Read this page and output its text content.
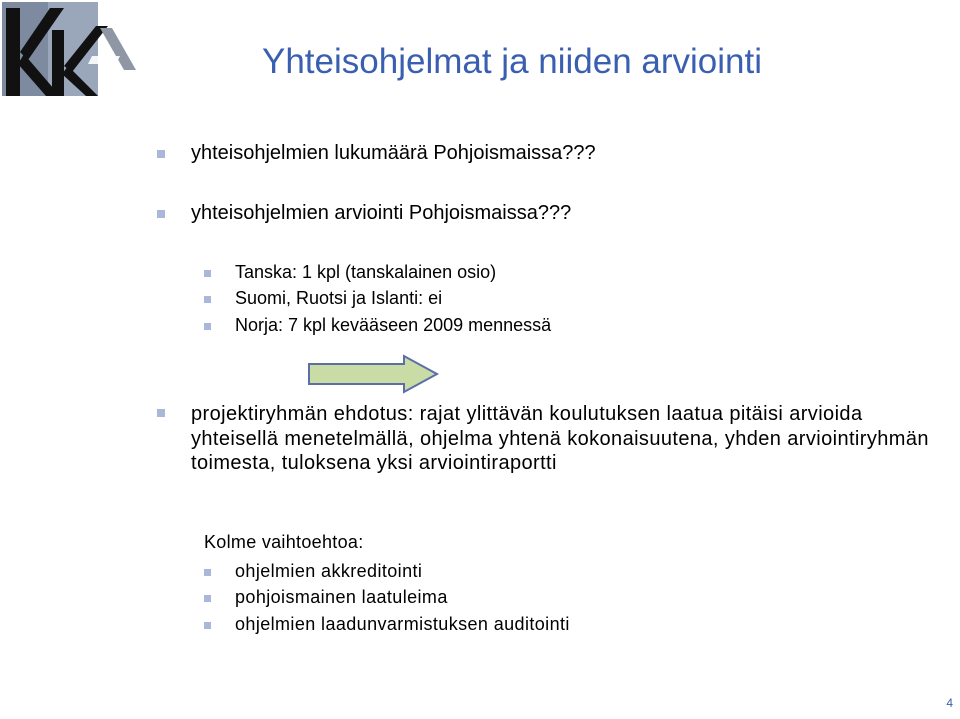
Yhteisohjelmat ja niiden arviointi
yhteisohjelmien lukumäärä Pohjoismaissa???
yhteisohjelmien arviointi Pohjoismaissa???
Tanska: 1 kpl (tanskalainen osio)
Suomi, Ruotsi ja Islanti: ei
Norja: 7 kpl kevääseen 2009 mennessä
projektiryhmän ehdotus: rajat ylittävän koulutuksen laatua pitäisi arvioida yhteisellä menetelmällä, ohjelma yhtenä kokonaisuutena, yhden arviointiryhmän toimesta, tuloksena yksi arviointiraportti
Kolme vaihtoehtoa:
ohjelmien akkreditointi
pohjoismainen laatuleima
ohjelmien laadunvarmistuksen auditointi
4
